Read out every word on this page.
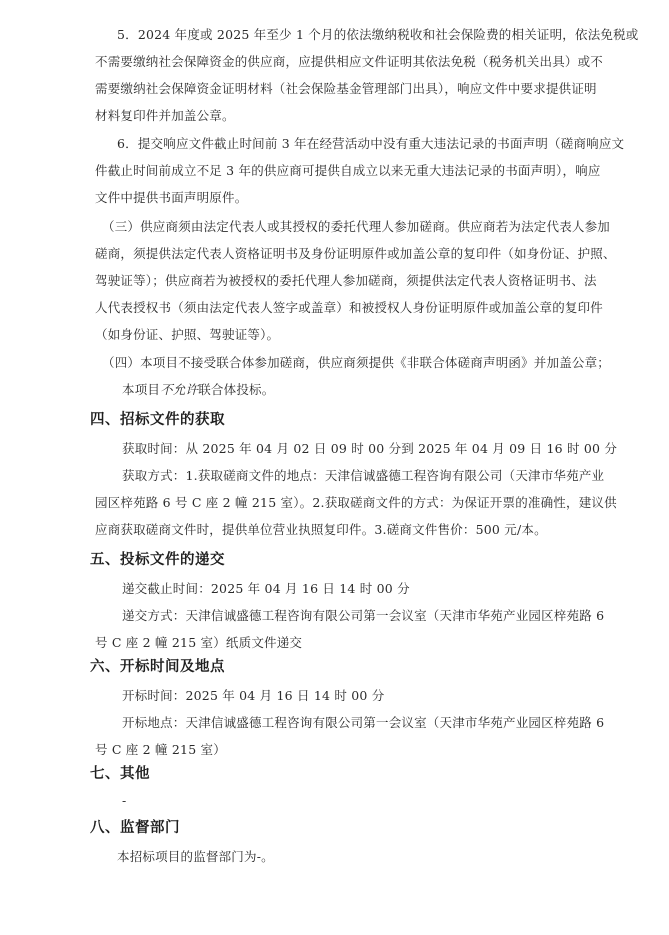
5．2024 年度或 2025 年至少 1 个月的依法缴纳税收和社会保险费的相关证明，依法免税或

不需要缴纳社会保障资金的供应商，应提供相应文件证明其依法免税（税务机关出具）或不

需要缴纳社会保障资金证明材料（社会保险基金管理部门出具），响应文件中要求提供证明

材料复印件并加盖公章。

6．提交响应文件截止时间前 3 年在经营活动中没有重大违法记录的书面声明（磋商响应文

件截止时间前成立不足 3 年的供应商可提供自成立以来无重大违法记录的书面声明），响应

文件中提供书面声明原件。

（三）供应商须由法定代表人或其授权的委托代理人参加磋商。供应商若为法定代表人参加

磋商，须提供法定代表人资格证明书及身份证明原件或加盖公章的复印件（如身份证、护照、

驾驶证等）；供应商若为被授权的委托代理人参加磋商，须提供法定代表人资格证明书、法

人代表授权书（须由法定代表人签字或盖章）和被授权人身份证明原件或加盖公章的复印件

（如身份证、护照、驾驶证等）。

（四）本项目不接受联合体参加磋商，供应商须提供《非联合体磋商声明函》并加盖公章；

本项目不允许联合体投标。

四、招标文件的获取

获取时间：从 2025 年 04 月 02 日 09 时 00 分到 2025 年 04 月 09 日 16 时 00 分

获取方式：1.获取磋商文件的地点：天津信诚盛德工程咨询有限公司（天津市华苑产业

园区梓苑路 6 号 C 座 2 幢 215 室）。2.获取磋商文件的方式：为保证开票的准确性，建议供

应商获取磋商文件时，提供单位营业执照复印件。3.磋商文件售价：500 元/本。

五、投标文件的递交

递交截止时间：2025 年 04 月 16 日 14 时 00 分

递交方式：天津信诚盛德工程咨询有限公司第一会议室（天津市华苑产业园区梓苑路 6

号 C 座 2 幢 215 室）纸质文件递交

六、开标时间及地点

开标时间：2025 年 04 月 16 日 14 时 00 分

开标地点：天津信诚盛德工程咨询有限公司第一会议室（天津市华苑产业园区梓苑路 6

号 C 座 2 幢 215 室）

七、其他

-

八、监督部门

本招标项目的监督部门为-。
